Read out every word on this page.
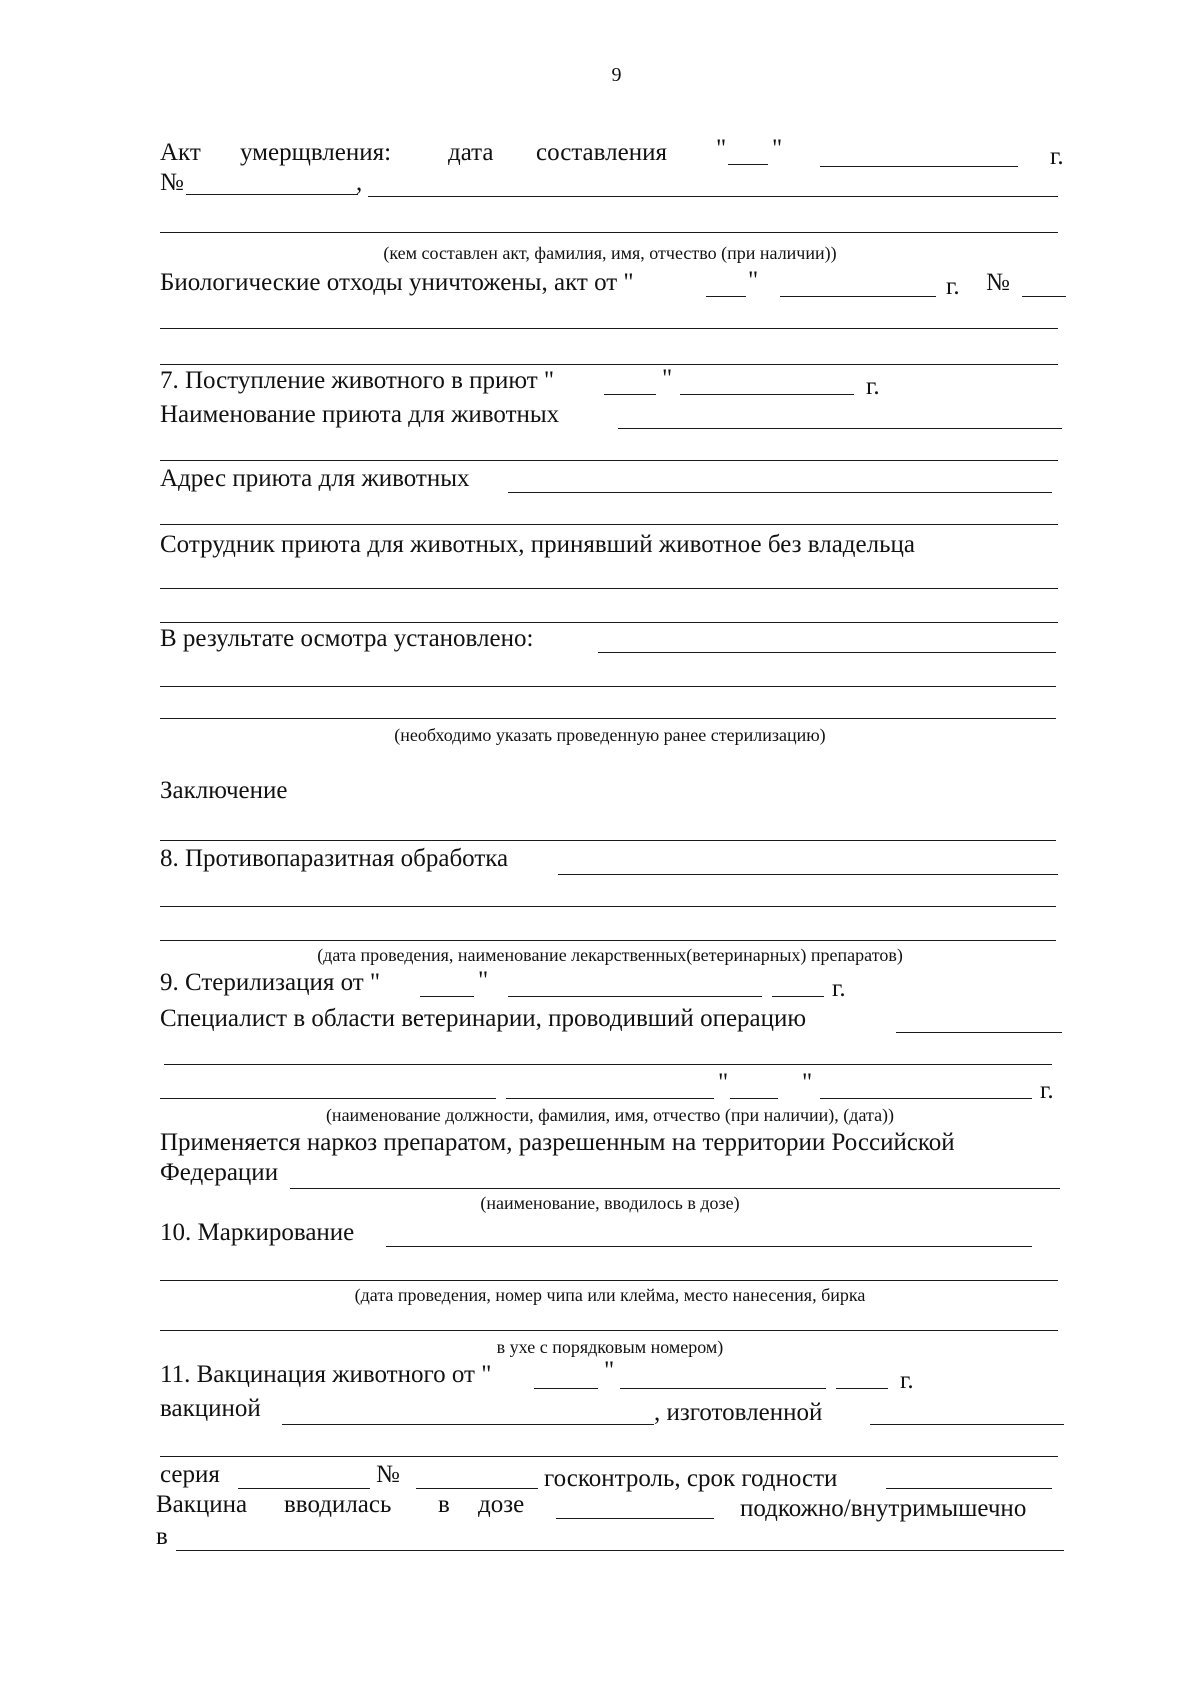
9
Акт умерщвления: дата составления " "	г.
№	,
(кем составлен акт, фамилия, имя, отчество (при наличии))
Биологические отходы уничтожены, акт от "	"	г. №
7. Поступление животного в приют "	"	г.
Наименование приюта для животных
Адрес приюта для животных
Сотрудник приюта для животных, принявший животное без владельца
В результате осмотра установлено:
(необходимо указать проведенную ранее стерилизацию)
Заключение
8. Противопаразитная обработка
(дата проведения, наименование лекарственных(ветеринарных) препаратов)
9. Стерилизация от "	"	г.
Специалист в области ветеринарии, проводивший операцию
"	"	г.
(наименование должности, фамилия, имя, отчество (при наличии), (дата))
Применяется наркоз препаратом, разрешенным на территории Российской
Федерации
(наименование, вводилось в дозе)
10. Маркирование
(дата проведения, номер чипа или клейма, место нанесения, бирка
в ухе с порядковым номером)
11. Вакцинация животного от "	"	г.
вакциной	, изготовленной
серия	№	госконтроль, срок годности
Вакцина вводилась в дозе	подкожно/внутримышечно
в
